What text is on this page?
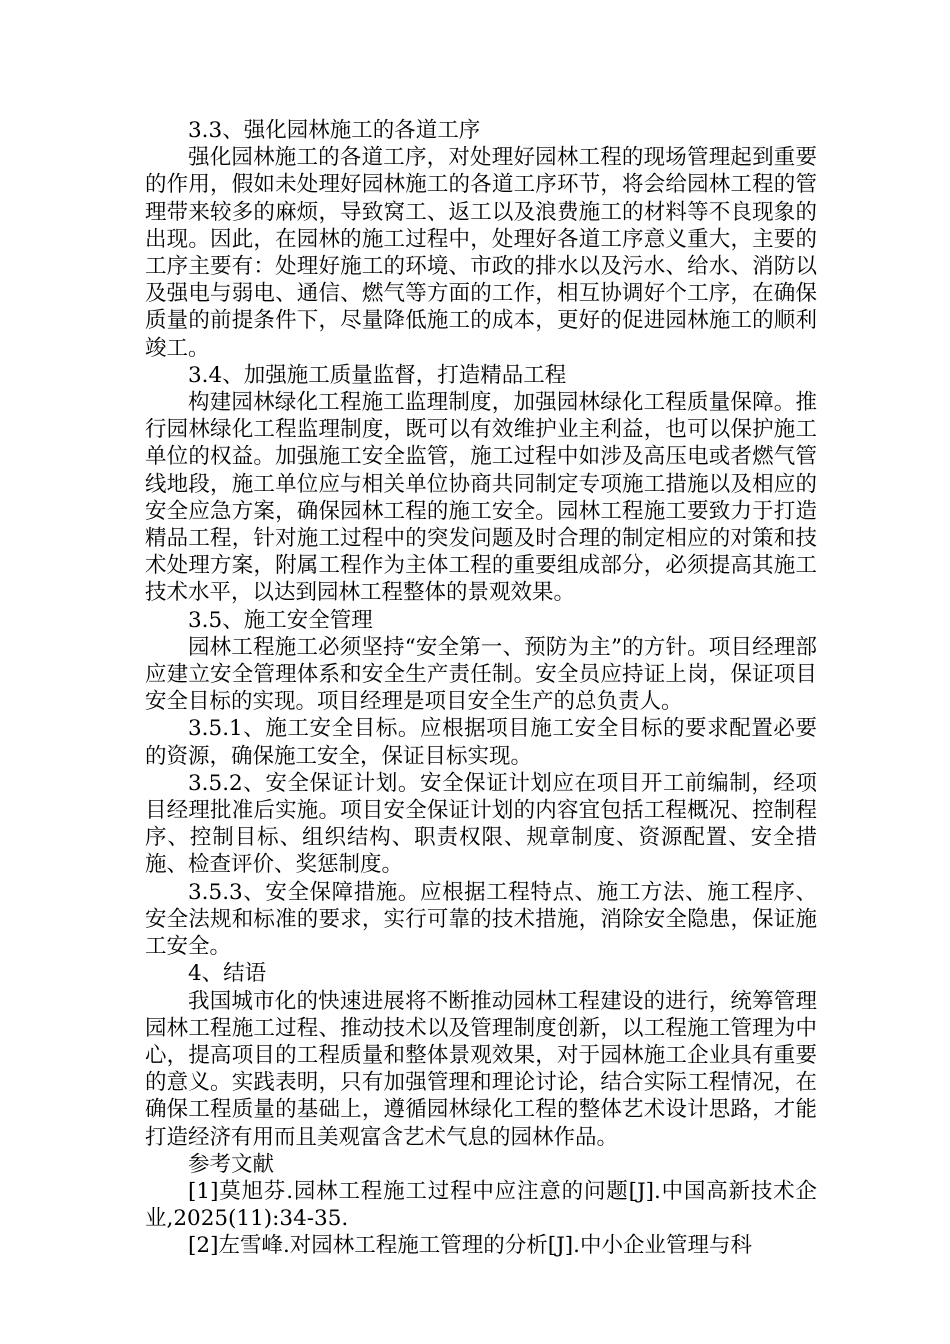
3.3、强化园林施工的各道工序

强化园林施工的各道工序，对处理好园林工程的现场管理起到重要的作用，假如未处理好园林施工的各道工序环节，将会给园林工程的管理带来较多的麻烦，导致窝工、返工以及浪费施工的材料等不良现象的出现。因此，在园林的施工过程中，处理好各道工序意义重大，主要的工序主要有：处理好施工的环境、市政的排水以及污水、给水、消防以及强电与弱电、通信、燃气等方面的工作，相互协调好个工序，在确保质量的前提条件下，尽量降低施工的成本，更好的促进园林施工的顺利竣工。

3.4、加强施工质量监督，打造精品工程

构建园林绿化工程施工监理制度，加强园林绿化工程质量保障。推行园林绿化工程监理制度，既可以有效维护业主利益，也可以保护施工单位的权益。加强施工安全监管，施工过程中如涉及高压电或者燃气管线地段，施工单位应与相关单位协商共同制定专项施工措施以及相应的安全应急方案，确保园林工程的施工安全。园林工程施工要致力于打造精品工程，针对施工过程中的突发问题及时合理的制定相应的对策和技术处理方案，附属工程作为主体工程的重要组成部分，必须提高其施工技术水平，以达到园林工程整体的景观效果。

3.5、施工安全管理

园林工程施工必须坚持“安全第一、预防为主”的方针。项目经理部应建立安全管理体系和安全生产责任制。安全员应持证上岗，保证项目安全目标的实现。项目经理是项目安全生产的总负责人。

3.5.1、施工安全目标。应根据项目施工安全目标的要求配置必要的资源，确保施工安全，保证目标实现。

3.5.2、安全保证计划。安全保证计划应在项目开工前编制，经项目经理批准后实施。项目安全保证计划的内容宜包括工程概况、控制程序、控制目标、组织结构、职责权限、规章制度、资源配置、安全措施、检查评价、奖惩制度。

3.5.3、安全保障措施。应根据工程特点、施工方法、施工程序、安全法规和标准的要求，实行可靠的技术措施，消除安全隐患，保证施工安全。

4、结语

我国城市化的快速进展将不断推动园林工程建设的进行，统筹管理园林工程施工过程、推动技术以及管理制度创新，以工程施工管理为中心，提高项目的工程质量和整体景观效果，对于园林施工企业具有重要的意义。实践表明，只有加强管理和理论讨论，结合实际工程情况，在确保工程质量的基础上，遵循园林绿化工程的整体艺术设计思路，才能打造经济有用而且美观富含艺术气息的园林作品。

参考文献

[1]莫旭芬.园林工程施工过程中应注意的问题[J].中国高新技术企业,2025(11):34-35.

[2]左雪峰.对园林工程施工管理的分析[J].中小企业管理与科
